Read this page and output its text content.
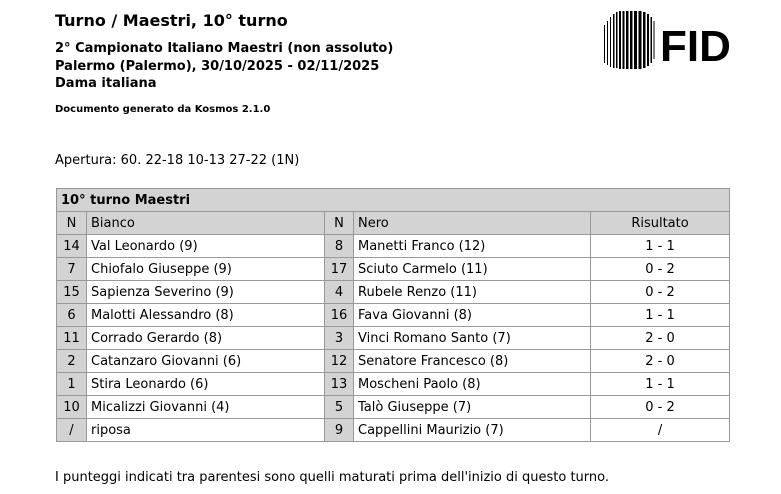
Turno / Maestri, 10° turno
2° Campionato Italiano Maestri (non assoluto)
Palermo (Palermo), 30/10/2025 - 02/11/2025
Dama italiana
Documento generato da Kosmos 2.1.0
FID
Apertura: 60. 22-18 10-13 27-22 (1N)
10° turno Maestri				
N	Bianco	N	Nero	Risultato
14	Val Leonardo (9)	8	Manetti Franco (12)	1 - 1
7	Chiofalo Giuseppe (9)	17	Sciuto Carmelo (11)	0 - 2
15	Sapienza Severino (9)	4	Rubele Renzo (11)	0 - 2
6	Malotti Alessandro (8)	16	Fava Giovanni (8)	1 - 1
11	Corrado Gerardo (8)	3	Vinci Romano Santo (7)	2 - 0
2	Catanzaro Giovanni (6)	12	Senatore Francesco (8)	2 - 0
1	Stira Leonardo (6)	13	Moscheni Paolo (8)	1 - 1
10	Micalizzi Giovanni (4)	5	Talò Giuseppe (7)	0 - 2
/	riposa	9	Cappellini Maurizio (7)	/
I punteggi indicati tra parentesi sono quelli maturati prima dell'inizio di questo turno.
